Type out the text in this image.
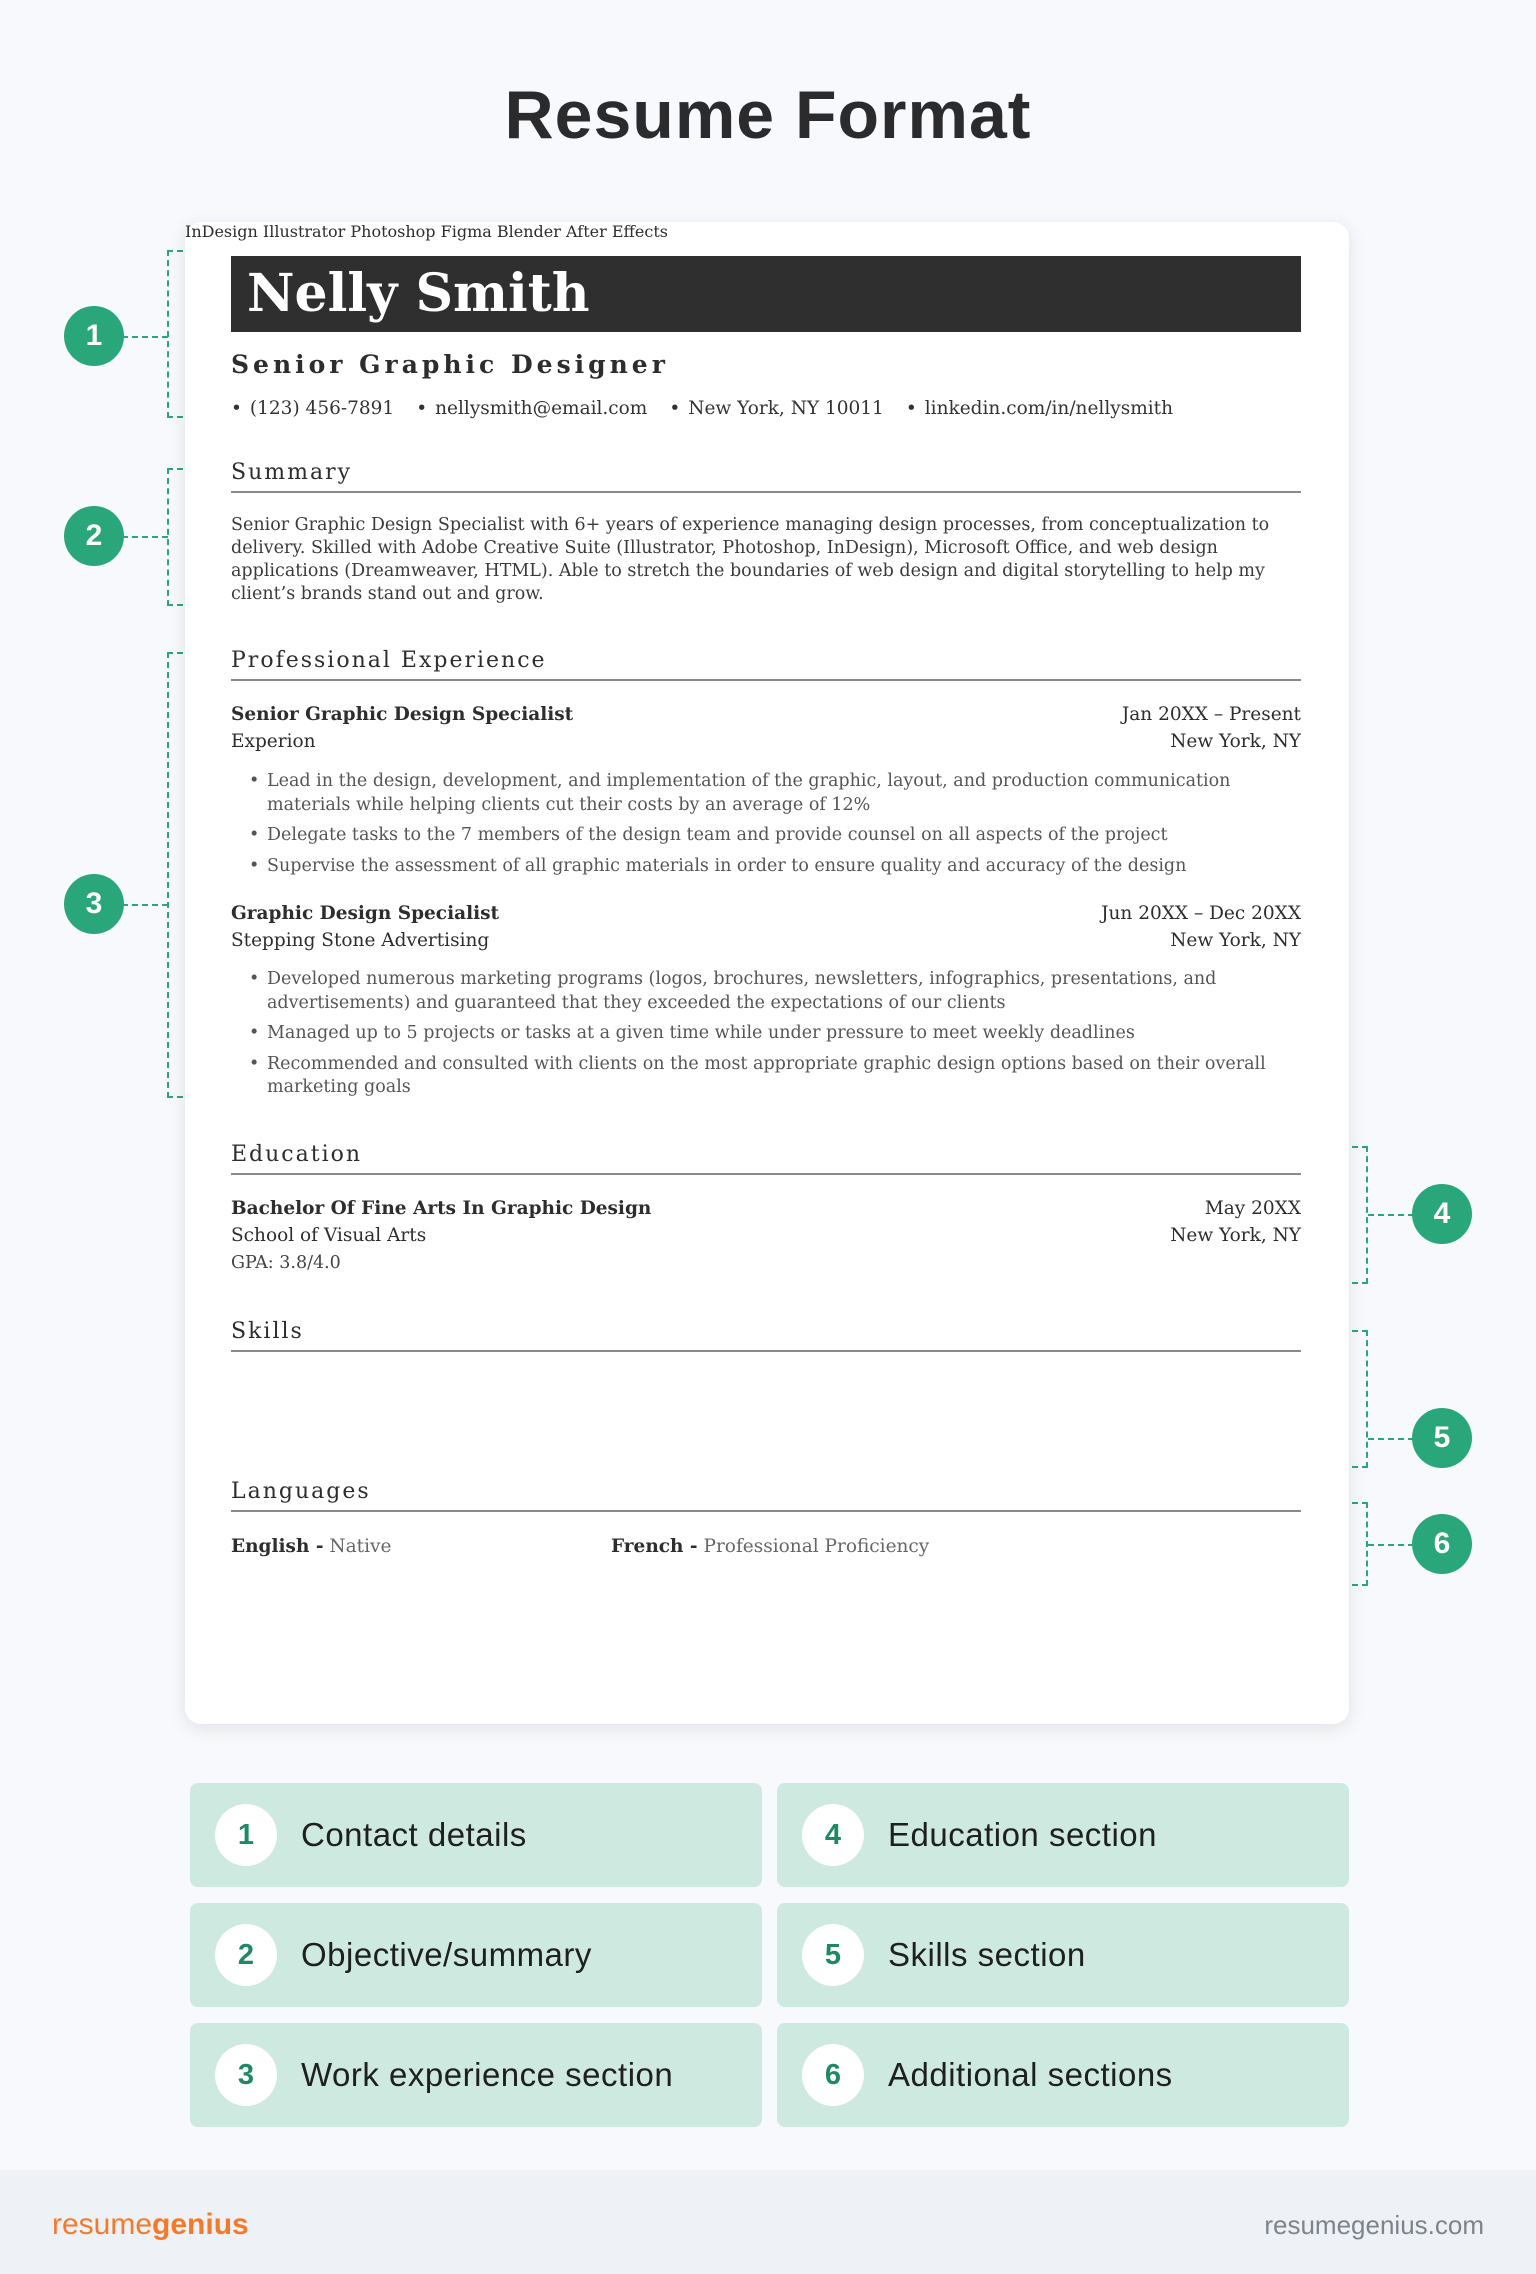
Resume Format
1
2
3
4
5
6
Nelly Smith
Senior Graphic Designer
• (123) 456-7891	• nellysmith@email.com	• New York, NY 10011	• linkedin.com/in/nellysmith
Summary
Senior Graphic Design Specialist with 6+ years of experience managing design processes, from conceptualization to delivery. Skilled with Adobe Creative Suite (Illustrator, Photoshop, InDesign), Microsoft Office, and web design applications (Dreamweaver, HTML). Able to stretch the boundaries of web design and digital storytelling to help my client’s brands stand out and grow.
Professional Experience
Senior Graphic Design Specialist	Jan 20XX – Present
Experion	New York, NY
• Lead in the design, development, and implementation of the graphic, layout, and production communication materials while helping clients cut their costs by an average of 12%
• Delegate tasks to the 7 members of the design team and provide counsel on all aspects of the project
• Supervise the assessment of all graphic materials in order to ensure quality and accuracy of the design
Graphic Design Specialist	Jun 20XX – Dec 20XX
Stepping Stone Advertising	New York, NY
• Developed numerous marketing programs (logos, brochures, newsletters, infographics, presentations, and advertisements) and guaranteed that they exceeded the expectations of our clients
• Managed up to 5 projects or tasks at a given time while under pressure to meet weekly deadlines
• Recommended and consulted with clients on the most appropriate graphic design options based on their overall marketing goals
Education
Bachelor Of Fine Arts In Graphic Design	May 20XX
School of Visual Arts	New York, NY
GPA: 3.8/4.0
Skills
InDesign Illustrator Photoshop Figma Blender After Effects
Languages
English - Native	French - Professional Proficiency
1	Contact details
2	Objective/summary
3	Work experience section
4	Education section
5	Skills section
6	Additional sections
resumegenius	resumegenius.com
